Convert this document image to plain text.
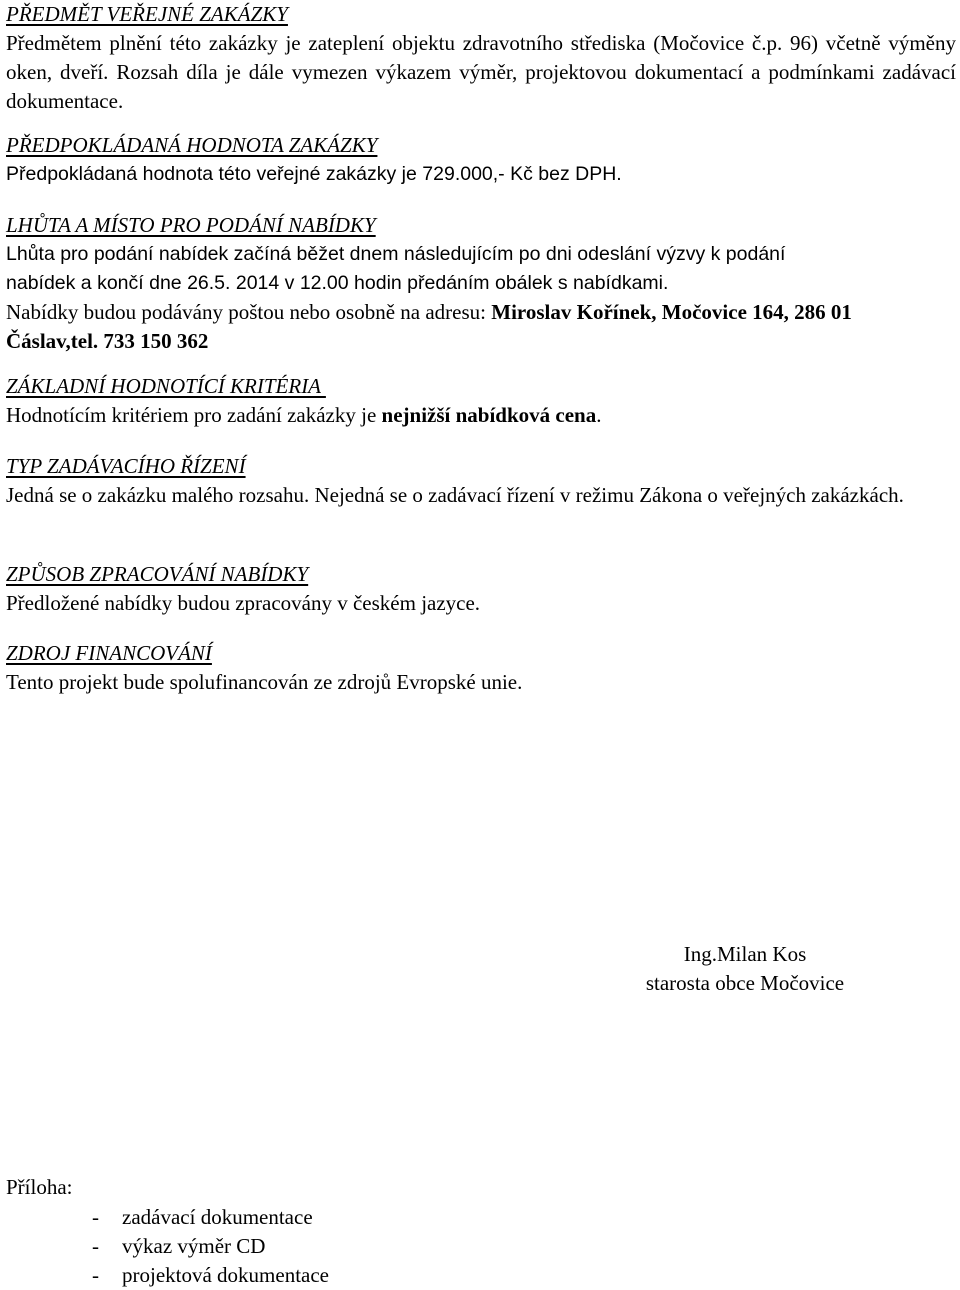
PŘEDMĚT VEŘEJNÉ ZAKÁZKY
Předmětem plnění této zakázky je zateplení objektu zdravotního střediska (Močovice č.p. 96) včetně výměny oken, dveří. Rozsah díla je dále vymezen výkazem výměr, projektovou dokumentací a podmínkami zadávací dokumentace.
PŘEDPOKLÁDANÁ HODNOTA ZAKÁZKY
Předpokládaná hodnota této veřejné zakázky je 729.000,- Kč bez DPH.
LHŮTA A MÍSTO PRO PODÁNÍ NABÍDKY
Lhůta pro podání nabídek začíná běžet dnem následujícím po dni odeslání výzvy k podání
nabídek a končí dne 26.5. 2014 v 12.00 hodin předáním obálek s nabídkami.
Nabídky budou podávány poštou nebo osobně na adresu: Miroslav Kořínek, Močovice 164, 286 01
Čáslav,tel. 733 150 362
ZÁKLADNÍ HODNOTÍCÍ KRITÉRIA
Hodnotícím kritériem pro zadání zakázky je nejnižší nabídková cena.
TYP ZADÁVACÍHO ŘÍZENÍ
Jedná se o zakázku malého rozsahu. Nejedná se o zadávací řízení v režimu Zákona o veřejných zakázkách.
ZPŮSOB ZPRACOVÁNÍ NABÍDKY
Předložené nabídky budou zpracovány v českém jazyce.
ZDROJ FINANCOVÁNÍ
Tento projekt bude spolufinancován ze zdrojů Evropské unie.
Ing.Milan Kos
starosta obce Močovice
Příloha:
- zadávací dokumentace
- výkaz výměr CD
- projektová dokumentace
